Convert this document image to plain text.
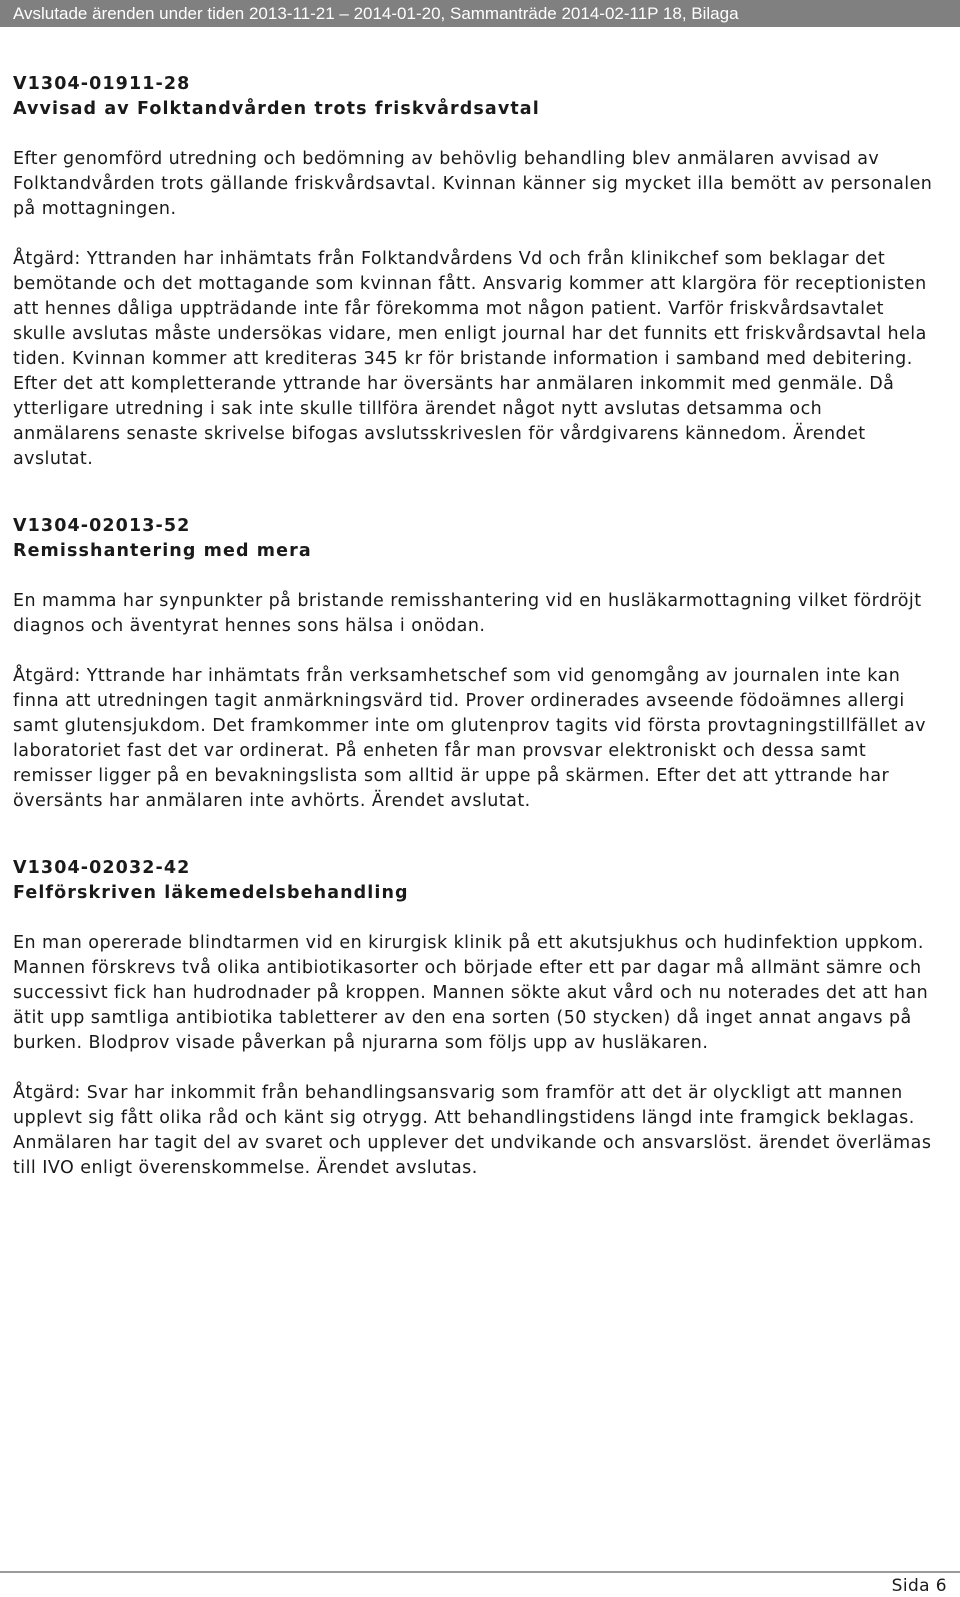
Avslutade ärenden under tiden 2013-11-21 – 2014-01-20, Sammanträde 2014-02-11P 18, Bilaga
V1304-01911-28
Avvisad av Folktandvården trots friskvårdsavtal

Efter genomförd utredning och bedömning av behövlig behandling blev anmälaren avvisad av Folktandvården trots gällande friskvårdsavtal. Kvinnan känner sig mycket illa bemött av personalen på mottagningen.

Åtgärd: Yttranden har inhämtats från Folktandvårdens Vd och från klinikchef som beklagar det bemötande och det mottagande som kvinnan fått. Ansvarig kommer att klargöra för receptionisten att hennes dåliga uppträdande inte får förekomma mot någon patient. Varför friskvårdsavtalet skulle avslutas måste undersökas vidare, men enligt journal har det funnits ett friskvårdsavtal hela tiden. Kvinnan kommer att krediteras 345 kr för bristande information i samband med debitering. Efter det att kompletterande yttrande har översänts har anmälaren inkommit med genmäle. Då ytterligare utredning i sak inte skulle tillföra ärendet något nytt avslutas detsamma och anmälarens senaste skrivelse bifogas avslutsskriveslen för vårdgivarens kännedom. Ärendet avslutat.

V1304-02013-52
Remisshantering med mera

En mamma har synpunkter på bristande remisshantering vid en husläkarmottagning vilket fördröjt diagnos och äventyrat hennes sons hälsa i onödan.

Åtgärd: Yttrande har inhämtats från verksamhetschef som vid genomgång av journalen inte kan finna att utredningen tagit anmärkningsvärd tid. Prover ordinerades avseende födoämnes allergi samt glutensjukdom. Det framkommer inte om glutenprov tagits vid första provtagningstillfället av laboratoriet fast det var ordinerat. På enheten får man provsvar elektroniskt och dessa samt remisser ligger på en bevakningslista som alltid är uppe på skärmen. Efter det att yttrande har översänts har anmälaren inte avhörts. Ärendet avslutat.

V1304-02032-42
Felförskriven läkemedelsbehandling

En man opererade blindtarmen vid en kirurgisk klinik på ett akutsjukhus och hudinfektion uppkom. Mannen förskrevs två olika antibiotikasorter och började efter ett par dagar må allmänt sämre och successivt fick han hudrodnader på kroppen. Mannen sökte akut vård och nu noterades det att han ätit upp samtliga antibiotika tabletterer av den ena sorten (50 stycken) då inget annat angavs på burken. Blodprov visade påverkan på njurarna som följs upp av husläkaren.

Åtgärd: Svar har inkommit från behandlingsansvarig som framför att det är olyckligt att mannen upplevt sig fått olika råd och känt sig otrygg. Att behandlingstidens längd inte framgick beklagas. Anmälaren har tagit del av svaret och upplever det undvikande och ansvarslöst. ärendet överlämas till IVO enligt överenskommelse. Ärendet avslutas.

Sida 6
